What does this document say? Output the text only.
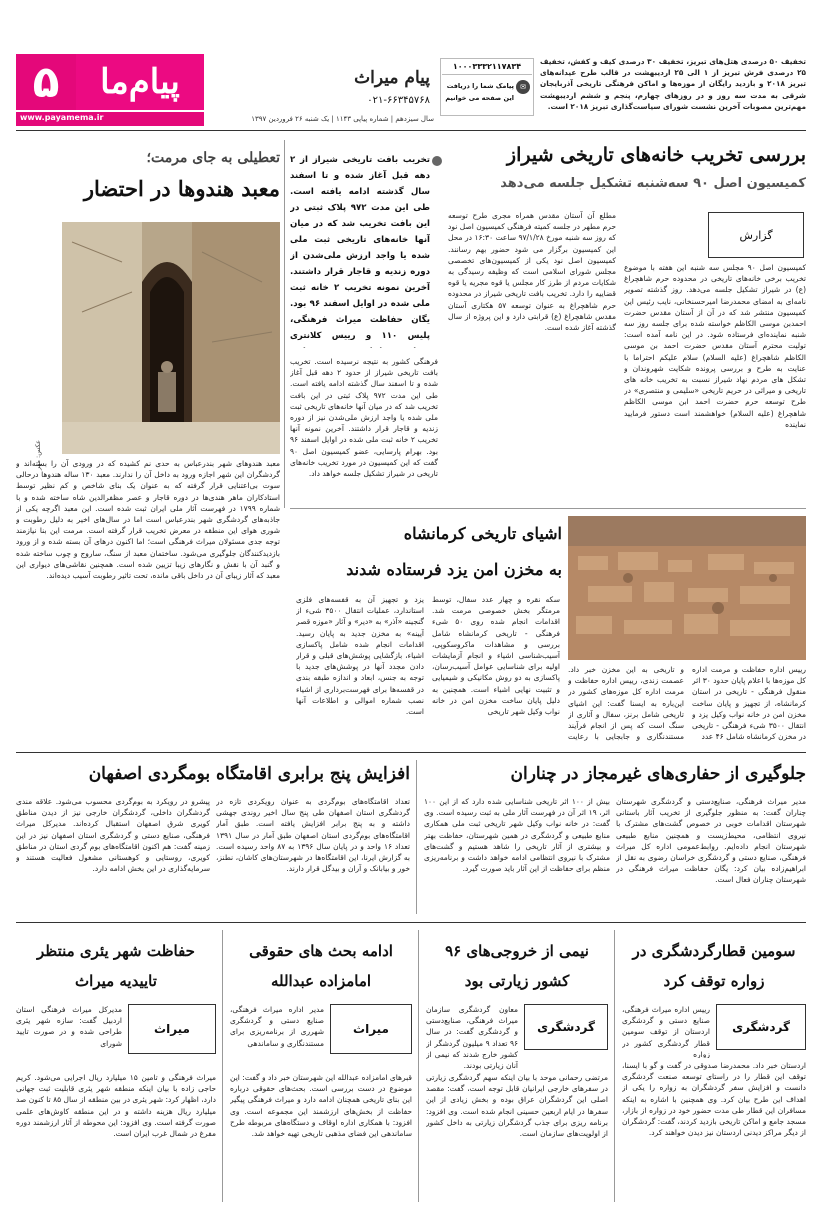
۵ پیام‌ما
www.payamema.ir	سال سیزدهم | شماره پیاپی ۱۱۴۳ | یک شنبه ۲۶ فروردین ۱۳۹۷
پیام میراث
۰۲۱-۶۶۳۴۵۷۶۸
۱۰۰۰۳۳۳۲۱۱۷۸۳۴
✉
پیامک شما را دریافت
این صفحه می خوانیم
تخفیف ۵۰ درصدی هتل‌های تبریز، تخفیف ۳۰ درصدی کیف و کفش، تخفیف ۲۵ درصدی فرش تبریز از ۱ الی ۲۵ اردیبهشت در قالب طرح عیدانه‌های تبریز ۲۰۱۸ و بازدید رایگان از موزه‌ها و اماکن فرهنگی تاریخی آذربایجان شرقی به مدت سه روز و در روزهای چهارم، پنجم و ششم اردیبهشت مهم‌ترین مصوبات آخرین نشست شورای سیاست‌گذاری تبریز ۲۰۱۸ است.
بررسی تخریب خانه‌های تاریخی شیراز
کمیسیون اصل ۹۰ سه‌شنبه تشکیل جلسه می‌دهد
گزارش
کمیسیون اصل ۹۰ مجلس سه شنبه این هفته با موضوع تخریب برخی خانه‌های تاریخی در محدوده حرم شاهچراغ (ع) در شیراز تشکیل جلسه می‌دهد. روز گذشته تصویر نامه‌ای به امضای محمدرضا امیرحسنخانی، نایب رئیس این کمیسیون منتشر شد که در آن از آستان مقدس حضرت احمدبن موسی الکاظم خواسته شده برای جلسه روز سه شنبه نماینده‌ای فرستاده شود. در این نامه آمده است: تولیت محترم آستان مقدس حضرت احمد بن موسی الکاظم شاهچراغ (علیه السلام) سلام علیکم احتراما با عنایت به طرح و بررسی پرونده شکایت شهروندان و تشکل های مردم نهاد شیراز نسبت به تخریب خانه های تاریخی و میراثی در حریم تاریخی «سلیمی و منتصری» در طرح توسعه حرم حضرت احمد ابن موسی الکاظم شاهچراغ (علیه السلام) خواهشمند است دستور فرمایید نماینده
مطلع آن آستان مقدس همراه مجری طرح توسعه حرم مطهر در جلسه کمیته فرهنگی کمیسیون اصل نود که روز سه شنبه مورخ ۹۷/۱/۲۸ ساعت ۱۶:۳۰ در محل این کمیسیون برگزار می شود حضور بهم رسانند. کمیسیون اصل نود یکی از کمیسیون‌های تخصصی مجلس شورای اسلامی است که وظیفه رسیدگی به شکایات مردم از طرز کار مجلس یا قوه مجریه یا قوه قضاییه را دارد. تخریب بافت تاریخی شیراز در محدوده حرم شاهچراغ به عنوان توسعه ۵۷ هکتاری آستان مقدس شاهچراغ (ع) قرابتی دارد و این پروژه از سال گذشته آغاز شده است.
تخریب بافت تاریخی شیراز از ۲ دهه قبل آغاز شده و تا اسفند سال گذشته ادامه یافته است. طی این مدت ۹۷۲ پلاک ثبتی در این بافت تخریب شد که در میان آنها خانه‌های تاریخی ثبت ملی شده یا واجد ارزش ملی‌شدن از دوره زندیه و قاجار قرار داشتند. آخرین نمونه تخریب ۲ خانه ثبت ملی شده در اوایل اسفند ۹۶ بود. یگان حفاظت میراث فرهنگی، پلیس ۱۱۰ و رییس کلانتری
فرهنگی کشور به نتیجه نرسیده است. تخریب بافت تاریخی شیراز از حدود ۲ دهه قبل آغاز شده و تا اسفند سال گذشته ادامه یافته است. طی این مدت ۹۷۲ پلاک ثبتی در این بافت تخریب شد که در میان آنها خانه‌های تاریخی ثبت ملی شده یا واجد ارزش ملی‌شدن نیز از دوره زندیه و قاجار قرار داشتند. آخرین نمونه آنها تخریب ۲ خانه ثبت ملی شده در اوایل اسفند ۹۶ بود. بهرام پارسایی، عضو کمیسیون اصل ۹۰ گفت که این کمیسیون در مورد تخریب خانه‌های تاریخی در شیراز تشکیل جلسه خواهد داد.
تعطیلی به جای مرمت؛
معبد هندوها در احتضار
عکس: مهر
معبد هندوهای شهر بندرعباس به حدی نم کشیده که در ورودی آن را بسته‌اند و گردشگران این شهر اجازه ورود به داخل آن را ندارند. معبد ۱۳۰ ساله هندوها درحالی سوت بی‌اعتنایی قرار گرفته که به عنوان یک بنای شاخص و کم نظیر توسط استادکاران ماهر هندی‌ها در دوره قاجار و عصر مظفرالدین شاه ساخته شده و با شماره ۱۷۹۹ در فهرست آثار ملی ایران ثبت شده است. این معبد اگرچه یکی از جاذبه‌های گردشگری شهر بندرعباس است اما در سال‌های اخیر به دلیل رطوبت و شوری هوای این منطقه در معرض تخریب قرار گرفته است. مرمت این بنا نیازمند توجه جدی مسئولان میراث فرهنگی است؛ اما اکنون درهای آن بسته شده و از ورود بازدیدکنندگان جلوگیری می‌شود. ساختمان معبد از سنگ، ساروج و چوب ساخته شده و گنبد آن با نقش و نگارهای زیبا تزیین شده است. همچنین نقاشی‌های دیواری این معبد که آثار زیبای آن در داخل باقی مانده، تحت تاثیر رطوبت آسیب دیده‌اند.
اشیای تاریخی کرمانشاه
به مخزن امن یزد فرستاده شدند
رییس اداره حفاظت و مرمت اداره کل موزه‌ها با اعلام پایان حدود ۳۰ اثر منقول فرهنگی - تاریخی در استان کرمانشاه، از تجهیز و پایان ساخت مخزن امن در خانه نواب وکیل یزد و انتقال ۳۵۰۰ شیء فرهنگی - تاریخی در مخزن کرمانشاه شامل ۴۶ عدد
و تاریخی به این مخزن خبر داد. عصمت زندی، رییس اداره حفاظت و مرمت اداره کل موزه‌های کشور در این‌باره به ایسنا گفت: این اشیای تاریخی شامل برنز، سفال و آثاری از سنگ است که پس از انجام فرآیند مستندنگاری و جابجایی با رعایت
سکه نقره و چهار عدد سفال، توسط مرمتگر بخش خصوصی مرمت شد. اقدامات انجام شده روی ۵۰ شیء فرهنگی - تاریخی کرمانشاه شامل بررسی و مشاهدات ماکروسکوپی، آسیب‌شناسی اشیاء و انجام آزمایشات اولیه برای شناسایی عوامل آسیب‌رسان، پاکسازی به دو روش مکانیکی و شیمیایی و تثبیت نهایی اشیاء است. همچنین به دلیل پایان ساخت مخزن امن در خانه نواب وکیل شهر تاریخی
یزد و تجهیز آن به قفسه‌های فلزی استاندارد، عملیات انتقال ۳۵۰۰ شیء از گنجینه «آذر» به «دیر» و آثار «موزه قصر آیینه» به مخزن جدید به پایان رسید. اقدامات انجام شده شامل پاکسازی اشیاء، بازگشایی پوشش‌های قبلی و قرار دادن مجدد آنها در پوشش‌های جدید با توجه به جنس، ابعاد و اندازه طبقه بندی در قفسه‌ها برای فهرست‌برداری از اشیاء نصب شماره اموالی و اطلاعات آنها است.
جلوگیری از حفاری‌های غیرمجاز در چناران
مدیر میراث فرهنگی، صنایع‌دستی و گردشگری شهرستان چناران گفت: به منظور جلوگیری از تخریب آثار باستانی شهرستان اقدامات خوبی در خصوص گشت‌های مشترک با نیروی انتظامی، محیط‌زیست و همچنین منابع طبیعی شهرستان انجام داده‌ایم. روابط‌عمومی اداره کل میراث فرهنگی، صنایع دستی و گردشگری خراسان رضوی به نقل از ابراهیم‌زاده بیان کرد: یگان حفاظت میراث فرهنگی در شهرستان چناران فعال است.
بیش از ۱۰۰ اثر تاریخی شناسایی شده دارد که از این ۱۰۰ اثر، ۱۹ اثر آن در فهرست آثار ملی به ثبت رسیده است. وی گفت: در خانه نواب وکیل شهر تاریخی ثبت ملی همکاری منابع طبیعی و گردشگری در همین شهرستان، حفاظت بهتر و بیشتری از آثار تاریخی را شاهد هستیم و گشت‌های مشترک با نیروی انتظامی ادامه خواهد داشت و برنامه‌ریزی منظم برای حفاظت از این آثار باید صورت گیرد.
افزایش پنج برابری اقامتگاه بومگردی اصفهان
تعداد اقامتگاه‌های بوم‌گردی به عنوان رویکردی تازه در گردشگری استان اصفهان طی پنج سال اخیر روندی جهشی داشته و به پنج برابر افزایش یافته است. طبق آمار اقامتگاه‌های بوم‌گردی استان اصفهان طبق آمار در سال ۱۳۹۱ تعداد ۱۶ واحد و در پایان سال ۱۳۹۶ به ۸۷ واحد رسیده است. به گزارش ایرنا، این اقامتگاه‌ها در شهرستان‌های کاشان، نطنز، خور و بیابانک و آران و بیدگل قرار دارند.
پیشرو در رویکرد به بوم‌گردی محسوب می‌شود. علاقه مندی گردشگران داخلی، گردشگران خارجی نیز از دیدن مناطق کویری شرق اصفهان استقبال کرده‌اند. مدیرکل میراث فرهنگی، صنایع دستی و گردشگری استان اصفهان نیز در این زمینه گفت: هم اکنون اقامتگاه‌های بوم گردی استان در مناطق کویری، روستایی و کوهستانی مشغول فعالیت هستند و سرمایه‌گذاری در این بخش ادامه دارد.
سومین قطارگردشگری در زواره توقف کرد
گردشگری
رییس اداره میراث فرهنگی، صنایع دستی و گردشگری اردستان از توقف سومین قطار گردشگری کشور در زواره
اردستان خبر داد. محمدرضا صدوقی در گفت و گو با ایسنا، توقف این قطار را در راستای توسعه صنعت گردشگری دانست و افزایش سفر گردشگران به زواره را یکی از اهداف این طرح بیان کرد. وی همچنین با اشاره به اینکه مسافران این قطار طی مدت حضور خود در زواره از بازار، مسجد جامع و اماکن تاریخی بازدید کردند، گفت: گردشگران از دیگر مراکز دیدنی اردستان نیز دیدن خواهند کرد.
نیمی از خروجی‌های ۹۶ کشور زیارتی بود
گردشگری
معاون گردشگری سازمان میراث فرهنگی، صنایع‌دستی و گردشگری گفت: در سال ۹۶ تعداد ۹ میلیون گردشگر از کشور خارج شدند که نیمی از آنان زیارتی بودند.
مرتضی رحمانی موحد با بیان اینکه سهم گردشگری زیارتی در سفرهای خارجی ایرانیان قابل توجه است، گفت: مقصد اصلی این گردشگران عراق بوده و بخش زیادی از این سفرها در ایام اربعین حسینی انجام شده است. وی افزود: برنامه ریزی برای جذب گردشگران زیارتی به داخل کشور از اولویت‌های سازمان است.
ادامه بحث های حقوقی امامزاده عبدالله
میراث
مدیر اداره میراث فرهنگی، صنایع دستی و گردشگری شهرری از برنامه‌ریزی برای مستندنگاری و ساماندهی
قبرهای امامزاده عبدالله این شهرستان خبر داد و گفت: این موضوع در دست بررسی است. بحث‌های حقوقی درباره این بنای تاریخی همچنان ادامه دارد و میراث فرهنگی پیگیر حفاظت از بخش‌های ارزشمند این مجموعه است. وی افزود: با همکاری اداره اوقاف و دستگاه‌های مربوطه طرح ساماندهی این فضای مذهبی تاریخی تهیه خواهد شد.
حفاظت شهر یئری منتظر تاییدیه میراث
میراث
مدیرکل میراث فرهنگی استان اردبیل گفت: سازه شهر یئری طراحی شده و در صورت تایید شورای
میراث فرهنگی و تامین ۱۵ میلیارد ریال اجرایی می‌شود. کریم حاجی زاده با بیان اینکه منطقه شهر یئری قابلیت ثبت جهانی دارد، اظهار کرد: شهر یئری در بین منطقه از سال ۸۵ تا کنون صد میلیارد ریال هزینه داشته و در این منطقه کاوش‌های علمی صورت گرفته است. وی افزود: این محوطه از آثار ارزشمند دوره مفرغ در شمال غرب ایران است.
